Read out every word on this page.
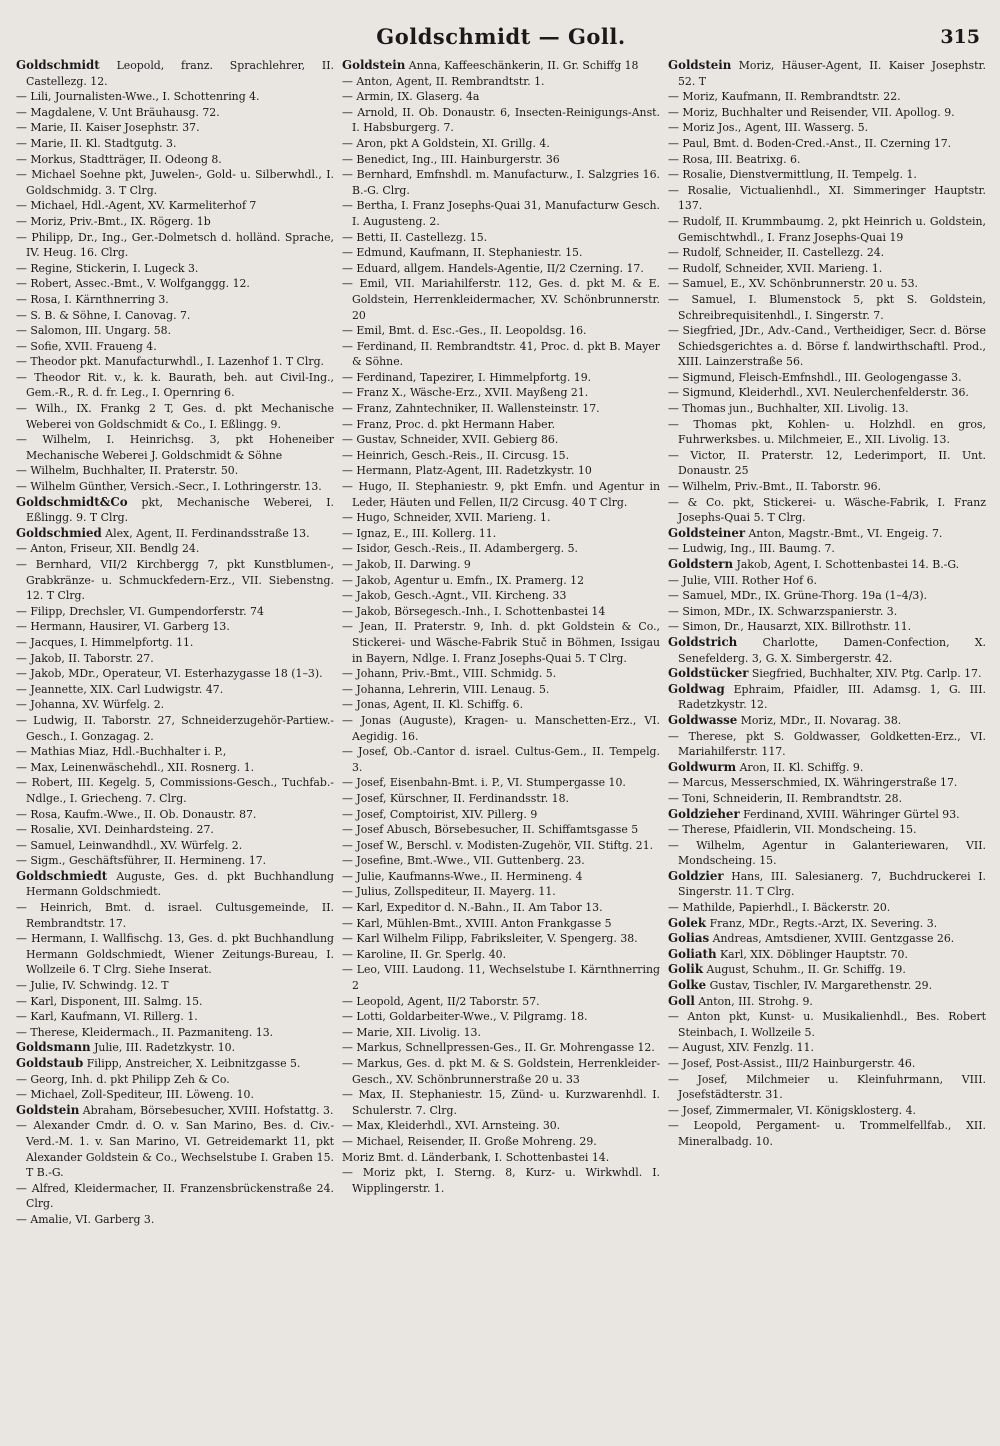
Goldschmidt — Goll.	315
Goldschmidt Leopold, franz. Sprachlehrer, II. Castellezg. 12.
— Lili, Journalisten-Wwe., I. Schottenring 4.
— Magdalene, V. Unt Bräuhausg. 72.
— Marie, II. Kaiser Josephstr. 37.
— Marie, II. Kl. Stadtgutg. 3.
— Morkus, Stadtträger, II. Odeong 8.
— Michael Soehne pkt, Juwelen-, Gold- u. Silberwhdl., I. Goldschmidg. 3. T Clrg.
— Michael, Hdl.-Agent, XV. Karmeliterhof 7
— Moriz, Priv.-Bmt., IX. Rögerg. 1b
— Philipp, Dr., Ing., Ger.-Dolmetsch d. holländ. Sprache, IV. Heug. 16. Clrg.
— Regine, Stickerin, I. Lugeck 3.
— Robert, Assec.-Bmt., V. Wolfganggg. 12.
— Rosa, I. Kärnthnerring 3.
— S. B. & Söhne, I. Canovag. 7.
— Salomon, III. Ungarg. 58.
— Sofie, XVII. Fraueng 4.
— Theodor pkt. Manufacturwhdl., I. Lazenhof 1. T Clrg.
— Theodor Rit. v., k. k. Baurath, beh. aut Civil-Ing., Gem.-R., R. d. fr. Leg., I. Opernring 6.
— Wilh., IX. Frankg 2 T, Ges. d. pkt Mechanische Weberei von Goldschmidt & Co., I. Eßlingg. 9.
— Wilhelm, I. Heinrichsg. 3, pkt Hoheneiber Mechanische Weberei J. Goldschmidt & Söhne
— Wilhelm, Buchhalter, II. Praterstr. 50.
— Wilhelm Günther, Versich.-Secr., I. Lothringerstr. 13.
Goldschmidt&Co pkt, Mechanische Weberei, I. Eßlingg. 9. T Clrg.
Goldschmied Alex, Agent, II. Ferdinandsstraße 13.
— Anton, Friseur, XII. Bendlg 24.
— Bernhard, VII/2 Kirchbergg 7, pkt Kunstblumen-, Grabkränze- u. Schmuckfedern-Erz., VII. Siebenstng. 12. T Clrg.
— Filipp, Drechsler, VI. Gumpendorferstr. 74
— Hermann, Hausirer, VI. Garberg 13.
— Jacques, I. Himmelpfortg. 11.
— Jakob, II. Taborstr. 27.
— Jakob, MDr., Operateur, VI. Esterhazygasse 18 (1–3).
— Jeannette, XIX. Carl Ludwigstr. 47.
— Johanna, XV. Würfelg. 2.
— Ludwig, II. Taborstr. 27, Schneiderzugehör-Partiew.-Gesch., I. Gonzagag. 2.
— Mathias Miaz, Hdl.-Buchhalter i. P.,
— Max, Leinenwäschehdl., XII. Rosnerg. 1.
— Robert, III. Kegelg. 5, Commissions-Gesch., Tuchfab.-Ndlge., I. Griecheng. 7. Clrg.
— Rosa, Kaufm.-Wwe., II. Ob. Donaustr. 87.
— Rosalie, XVI. Deinhardsteing. 27.
— Samuel, Leinwandhdl., XV. Würfelg. 2.
— Sigm., Geschäftsführer, II. Hermineng. 17.
Goldschmiedt Auguste, Ges. d. pkt Buchhandlung Hermann Goldschmiedt.
— Heinrich, Bmt. d. israel. Cultusgemeinde, II. Rembrandtstr. 17.
— Hermann, I. Wallfischg. 13, Ges. d. pkt Buchhandlung Hermann Goldschmiedt, Wiener Zeitungs-Bureau, I. Wollzeile 6. T Clrg. Siehe Inserat.
— Julie, IV. Schwindg. 12. T
— Karl, Disponent, III. Salmg. 15.
— Karl, Kaufmann, VI. Rillerg. 1.
— Therese, Kleidermach., II. Pazmaniteng. 13.
Goldsmann Julie, III. Radetzkystr. 10.
Goldstaub Filipp, Anstreicher, X. Leibnitzgasse 5.
— Georg, Inh. d. pkt Philipp Zeh & Co.
— Michael, Zoll-Spediteur, III. Löweng. 10.
Goldstein Abraham, Börsebesucher, XVIII. Hofstattg. 3.
— Alexander Cmdr. d. O. v. San Marino, Bes. d. Civ.-Verd.-M. 1. v. San Marino, VI. Getreidemarkt 11, pkt Alexander Goldstein & Co., Wechselstube I. Graben 15. T B.-G.
— Alfred, Kleidermacher, II. Franzensbrückenstraße 24. Clrg.
— Amalie, VI. Garberg 3.
Goldstein Anna, Kaffeeschänkerin, II. Gr. Schiffg 18
— Anton, Agent, II. Rembrandtstr. 1.
— Armin, IX. Glaserg. 4a
— Arnold, II. Ob. Donaustr. 6, Insecten-Reinigungs-Anst. I. Habsburgerg. 7.
— Aron, pkt A Goldstein, XI. Grillg. 4.
— Benedict, Ing., III. Hainburgerstr. 36
— Bernhard, Emfnshdl. m. Manufacturw., I. Salzgries 16. B.-G. Clrg.
— Bertha, I. Franz Josephs-Quai 31, Manufacturw Gesch. I. Augusteng. 2.
— Betti, II. Castellezg. 15.
— Edmund, Kaufmann, II. Stephaniestr. 15.
— Eduard, allgem. Handels-Agentie, II/2 Czerning. 17.
— Emil, VII. Mariahilferstr. 112, Ges. d. pkt M. & E. Goldstein, Herrenkleidermacher, XV. Schönbrunnerstr. 20
— Emil, Bmt. d. Esc.-Ges., II. Leopoldsg. 16.
— Ferdinand, II. Rembrandtstr. 41, Proc. d. pkt B. Mayer & Söhne.
— Ferdinand, Tapezirer, I. Himmelpfortg. 19.
— Franz X., Wäsche-Erz., XVII. Mayßeng 21.
— Franz, Zahntechniker, II. Wallensteinstr. 17.
— Franz, Proc. d. pkt Hermann Haber.
— Gustav, Schneider, XVII. Gebierg 86.
— Heinrich, Gesch.-Reis., II. Circusg. 15.
— Hermann, Platz-Agent, III. Radetzkystr. 10
— Hugo, II. Stephaniestr. 9, pkt Emfn. und Agentur in Leder, Häuten und Fellen, II/2 Circusg. 40 T Clrg.
— Hugo, Schneider, XVII. Marieng. 1.
— Ignaz, E., III. Kollerg. 11.
— Isidor, Gesch.-Reis., II. Adambergerg. 5.
— Jakob, II. Darwing. 9
— Jakob, Agentur u. Emfn., IX. Pramerg. 12
— Jakob, Gesch.-Agnt., VII. Kircheng. 33
— Jakob, Börsegesch.-Inh., I. Schottenbastei 14
— Jean, II. Praterstr. 9, Inh. d. pkt Goldstein & Co., Stickerei- und Wäsche-Fabrik Stuč in Böhmen, Issigau in Bayern, Ndlge. I. Franz Josephs-Quai 5. T Clrg.
— Johann, Priv.-Bmt., VIII. Schmidg. 5.
— Johanna, Lehrerin, VIII. Lenaug. 5.
— Jonas, Agent, II. Kl. Schiffg. 6.
— Jonas (Auguste), Kragen- u. Manschetten-Erz., VI. Aegidig. 16.
— Josef, Ob.-Cantor d. israel. Cultus-Gem., II. Tempelg. 3.
— Josef, Eisenbahn-Bmt. i. P., VI. Stumpergasse 10.
— Josef, Kürschner, II. Ferdinandsstr. 18.
— Josef, Comptoirist, XIV. Pillerg. 9
— Josef Abusch, Börsebesucher, II. Schiffamtsgasse 5
— Josef W., Berschl. v. Modisten-Zugehör, VII. Stiftg. 21.
— Josefine, Bmt.-Wwe., VII. Guttenberg. 23.
— Julie, Kaufmanns-Wwe., II. Hermineng. 4
— Julius, Zollspediteur, II. Mayerg. 11.
— Karl, Expeditor d. N.-Bahn., II. Am Tabor 13.
— Karl, Mühlen-Bmt., XVIII. Anton Frankgasse 5
— Karl Wilhelm Filipp, Fabriksleiter, V. Spengerg. 38.
— Karoline, II. Gr. Sperlg. 40.
— Leo, VIII. Laudong. 11, Wechselstube I. Kärnthnerring 2
— Leopold, Agent, II/2 Taborstr. 57.
— Lotti, Goldarbeiter-Wwe., V. Pilgramg. 18.
— Marie, XII. Livolig. 13.
— Markus, Schnellpressen-Ges., II. Gr. Mohrengasse 12.
— Markus, Ges. d. pkt M. & S. Goldstein, Herrenkleider-Gesch., XV. Schönbrunnerstraße 20 u. 33
— Max, II. Stephaniestr. 15, Zünd- u. Kurzwarenhdl. I. Schulerstr. 7. Clrg.
— Max, Kleiderhdl., XVI. Arnsteing. 30.
— Michael, Reisender, II. Große Mohreng. 29.
Moriz Bmt. d. Länderbank, I. Schottenbastei 14.
— Moriz pkt, I. Sterng. 8, Kurz- u. Wirkwhdl. I. Wipplingerstr. 1.
Goldstein Moriz, Häuser-Agent, II. Kaiser Josephstr. 52. T
— Moriz, Kaufmann, II. Rembrandtstr. 22.
— Moriz, Buchhalter und Reisender, VII. Apollog. 9.
— Moriz Jos., Agent, III. Wasserg. 5.
— Paul, Bmt. d. Boden-Cred.-Anst., II. Czerning 17.
— Rosa, III. Beatrixg. 6.
— Rosalie, Dienstvermittlung, II. Tempelg. 1.
— Rosalie, Victualienhdl., XI. Simmeringer Hauptstr. 137.
— Rudolf, II. Krummbaumg. 2, pkt Heinrich u. Goldstein, Gemischtwhdl., I. Franz Josephs-Quai 19
— Rudolf, Schneider, II. Castellezg. 24.
— Rudolf, Schneider, XVII. Marieng. 1.
— Samuel, E., XV. Schönbrunnerstr. 20 u. 53.
— Samuel, I. Blumenstock 5, pkt S. Goldstein, Schreibrequisitenhdl., I. Singerstr. 7.
— Siegfried, JDr., Adv.-Cand., Vertheidiger, Secr. d. Börse Schiedsgerichtes a. d. Börse f. landwirthschaftl. Prod., XIII. Lainzerstraße 56.
— Sigmund, Fleisch-Emfnshdl., III. Geologengasse 3.
— Sigmund, Kleiderhdl., XVI. Neulerchenfelderstr. 36.
— Thomas jun., Buchhalter, XII. Livolig. 13.
— Thomas pkt, Kohlen- u. Holzhdl. en gros, Fuhrwerksbes. u. Milchmeier, E., XII. Livolig. 13.
— Victor, II. Praterstr. 12, Lederimport, II. Unt. Donaustr. 25
— Wilhelm, Priv.-Bmt., II. Taborstr. 96.
— & Co. pkt, Stickerei- u. Wäsche-Fabrik, I. Franz Josephs-Quai 5. T Clrg.
Goldsteiner Anton, Magstr.-Bmt., VI. Engeig. 7.
— Ludwig, Ing., III. Baumg. 7.
Goldstern Jakob, Agent, I. Schottenbastei 14. B.-G.
— Julie, VIII. Rother Hof 6.
— Samuel, MDr., IX. Grüne-Thorg. 19a (1–4/3).
— Simon, MDr., IX. Schwarzspanierstr. 3.
— Simon, Dr., Hausarzt, XIX. Billrothstr. 11.
Goldstrich Charlotte, Damen-Confection, X. Senefelderg. 3, G. X. Simbergerstr. 42.
Goldstücker Siegfried, Buchhalter, XIV. Ptg. Carlp. 17.
Goldwag Ephraim, Pfaidler, III. Adamsg. 1, G. III. Radetzkystr. 12.
Goldwasse Moriz, MDr., II. Novarag. 38.
— Therese, pkt S. Goldwasser, Goldketten-Erz., VI. Mariahilferstr. 117.
Goldwurm Aron, II. Kl. Schiffg. 9.
— Marcus, Messerschmied, IX. Währingerstraße 17.
— Toni, Schneiderin, II. Rembrandtstr. 28.
Goldzieher Ferdinand, XVIII. Währinger Gürtel 93.
— Therese, Pfaidlerin, VII. Mondscheing. 15.
— Wilhelm, Agentur in Galanteriewaren, VII. Mondscheing. 15.
Goldzier Hans, III. Salesianerg. 7, Buchdruckerei I. Singerstr. 11. T Clrg.
— Mathilde, Papierhdl., I. Bäckerstr. 20.
Golek Franz, MDr., Regts.-Arzt, IX. Severing. 3.
Golias Andreas, Amtsdiener, XVIII. Gentzgasse 26.
Goliath Karl, XIX. Döblinger Hauptstr. 70.
Golik August, Schuhm., II. Gr. Schiffg. 19.
Golke Gustav, Tischler, IV. Margarethenstr. 29.
Goll Anton, III. Strohg. 9.
— Anton pkt, Kunst- u. Musikalienhdl., Bes. Robert Steinbach, I. Wollzeile 5.
— August, XIV. Fenzlg. 11.
— Josef, Post-Assist., III/2 Hainburgerstr. 46.
— Josef, Milchmeier u. Kleinfuhrmann, VIII. Josefstädterstr. 31.
— Josef, Zimmermaler, VI. Königsklosterg. 4.
— Leopold, Pergament- u. Trommelfellfab., XII. Mineralbadg. 10.
